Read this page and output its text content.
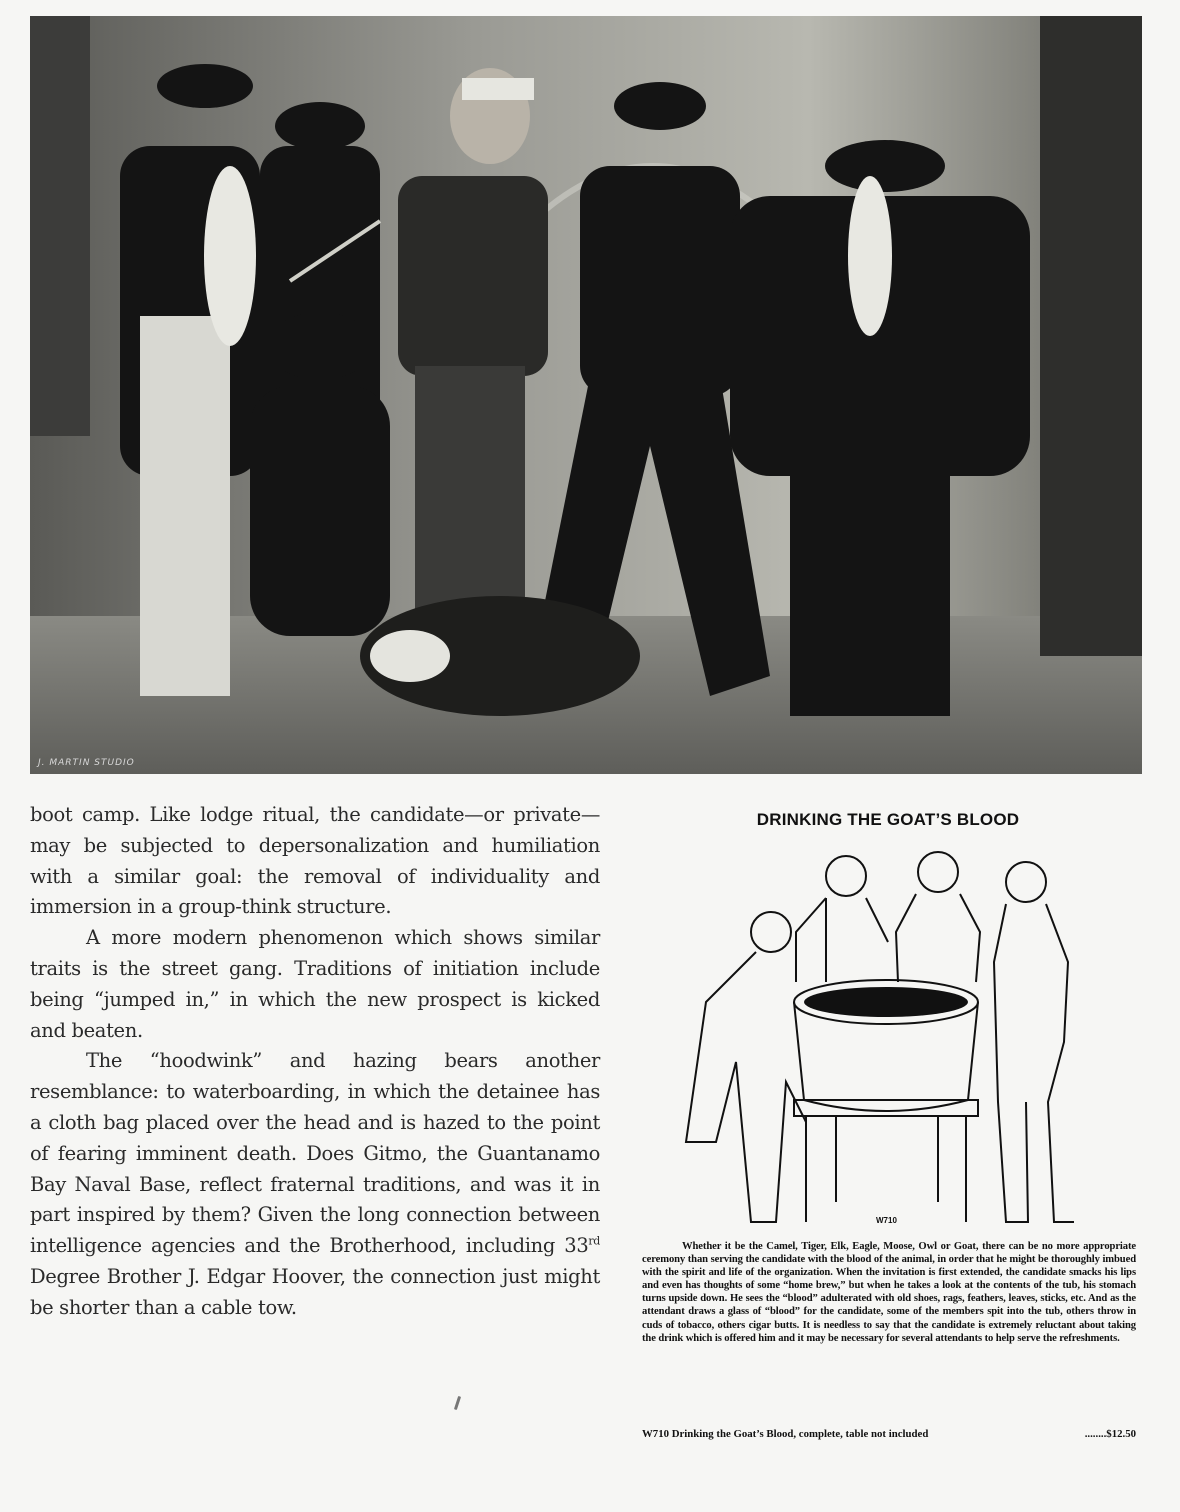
J. MARTIN STUDIO

boot camp. Like lodge ritual, the candidate—or private—may be subjected to depersonalization and humiliation with a similar goal: the removal of individuality and immersion in a group-think structure.

A more modern phenomenon which shows similar traits is the street gang. Traditions of initiation include being “jumped in,” in which the new prospect is kicked and beaten.

The “hoodwink” and hazing bears another resemblance: to waterboarding, in which the detainee has a cloth bag placed over the head and is hazed to the point of fearing imminent death. Does Gitmo, the Guantanamo Bay Naval Base, reflect fraternal traditions, and was it in part inspired by them? Given the long connection between intelligence agencies and the Brotherhood, including 33rd Degree Brother J. Edgar Hoover, the connection just might be shorter than a cable tow.

DRINKING THE GOAT’S BLOOD
W710

Whether it be the Camel, Tiger, Elk, Eagle, Moose, Owl or Goat, there can be no more appropriate ceremony than serving the candidate with the blood of the animal, in order that he might be thoroughly imbued with the spirit and life of the organization. When the invitation is first extended, the candidate smacks his lips and even has thoughts of some “home brew,” but when he takes a look at the contents of the tub, his stomach turns upside down. He sees the “blood” adulterated with old shoes, rags, feathers, leaves, sticks, etc. And as the attendant draws a glass of “blood” for the candidate, some of the members spit into the tub, others throw in cuds of tobacco, others cigar butts. It is needless to say that the candidate is extremely reluctant about taking the drink which is offered him and it may be necessary for several attendants to help serve the refreshments.

W710 Drinking the Goat’s Blood, complete, table not included	........$12.50
